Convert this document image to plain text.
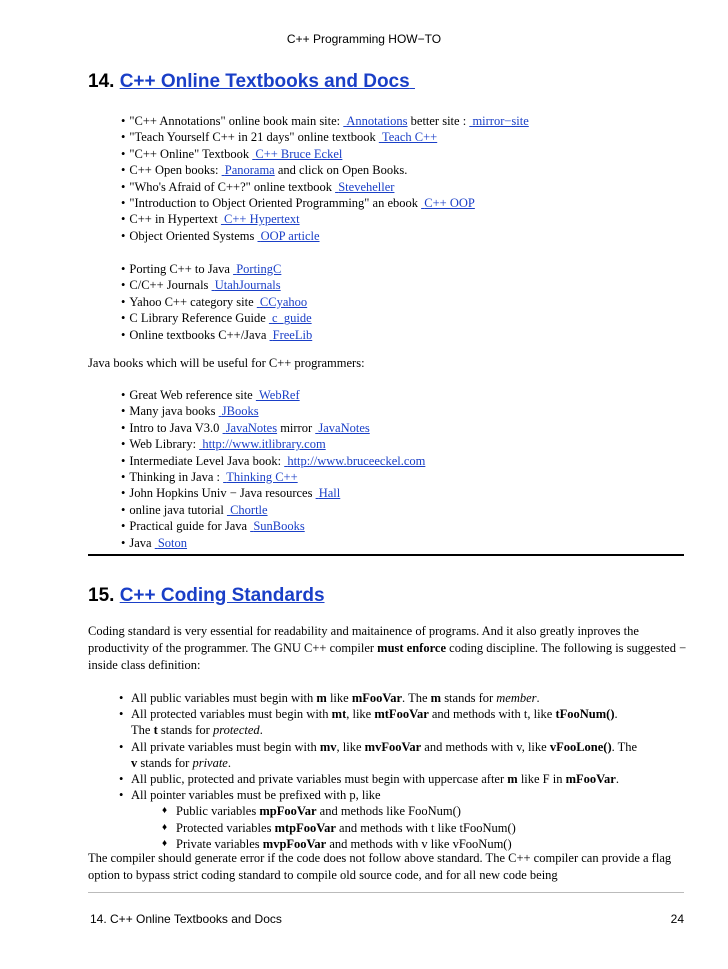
C++ Programming HOW−TO
14. C++ Online Textbooks and Docs
• "C++ Annotations" online book main site: Annotations better site : mirror−site
• "Teach Yourself C++ in 21 days" online textbook Teach C++
• "C++ Online" Textbook C++ Bruce Eckel
• C++ Open books: Panorama and click on Open Books.
• "Who's Afraid of C++?" online textbook Steveheller
• "Introduction to Object Oriented Programming" an ebook C++ OOP
• C++ in Hypertext C++ Hypertext
• Object Oriented Systems OOP article
• Porting C++ to Java PortingC
• C/C++ Journals UtahJournals
• Yahoo C++ category site CCyahoo
• C Library Reference Guide c_guide
• Online textbooks C++/Java FreeLib

Java books which will be useful for C++ programmers:

• Great Web reference site WebRef
• Many java books JBooks
• Intro to Java V3.0 JavaNotes mirror JavaNotes
• Web Library: http://www.itlibrary.com
• Intermediate Level Java book: http://www.bruceeckel.com
• Thinking in Java : Thinking C++
• John Hopkins Univ − Java resources Hall
• online java tutorial Chortle
• Practical guide for Java SunBooks
• Java Soton
15. C++ Coding Standards

Coding standard is very essential for readability and maitainence of programs. And it also greatly inproves the productivity of the programmer. The GNU C++ compiler must enforce coding discipline. The following is suggested − inside class definition:

• All public variables must begin with m like mFooVar. The m stands for member.
• All protected variables must begin with mt, like mtFooVar and methods with t, like tFooNum().
The t stands for protected.
• All private variables must begin with mv, like mvFooVar and methods with v, like vFooLone(). The
v stands for private.
• All public, protected and private variables must begin with uppercase after m like F in mFooVar.
• All pointer variables must be prefixed with p, like
♦ Public variables mpFooVar and methods like FooNum()
♦ Protected variables mtpFooVar and methods with t like tFooNum()
♦ Private variables mvpFooVar and methods with v like vFooNum()

The compiler should generate error if the code does not follow above standard. The C++ compiler can provide a flag option to bypass strict coding standard to compile old source code, and for all new code being

14. C++ Online Textbooks and Docs	24
